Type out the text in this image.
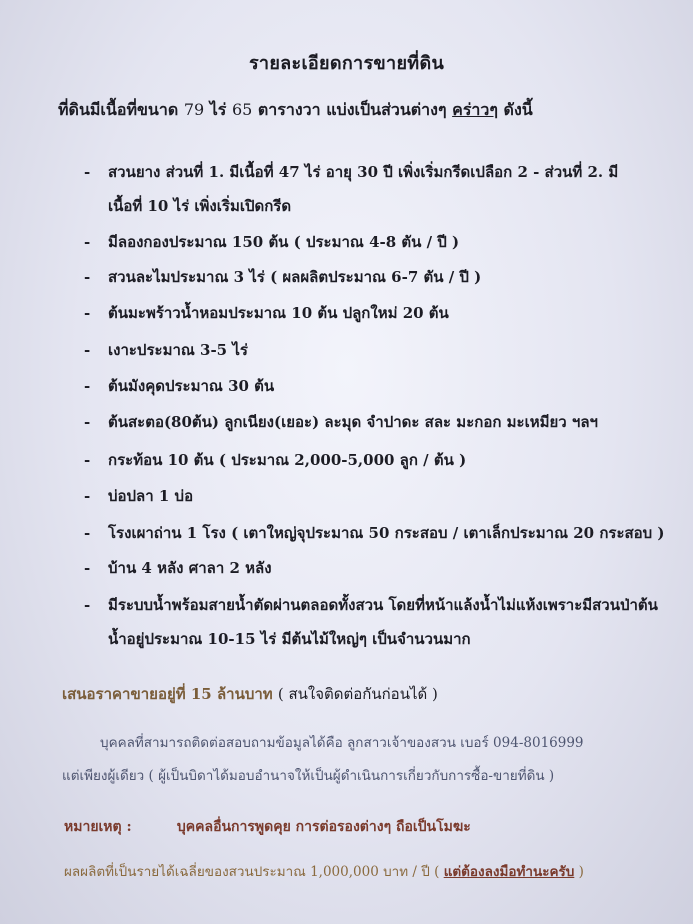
รายละเอียดการขายที่ดิน
ที่ดินมีเนื้อที่ขนาด 79 ไร่ 65 ตารางวา แบ่งเป็นส่วนต่างๆ คร่าวๆ ดังนี้
- สวนยาง ส่วนที่ 1. มีเนื้อที่ 47 ไร่ อายุ 30 ปี เพิ่งเริ่มกรีดเปลือก 2 - ส่วนที่ 2. มี
เนื้อที่ 10 ไร่ เพิ่งเริ่มเปิดกรีด
- มีลองกองประมาณ 150 ต้น ( ประมาณ 4-8 ตัน / ปี )
- สวนละไมประมาณ 3 ไร่ ( ผลผลิตประมาณ 6-7 ตัน / ปี )
- ต้นมะพร้าวน้ำหอมประมาณ 10 ต้น ปลูกใหม่ 20 ต้น
- เงาะประมาณ 3-5 ไร่
- ต้นมังคุดประมาณ 30 ต้น
- ต้นสะตอ(80ต้น) ลูกเนียง(เยอะ) ละมุด จำปาดะ สละ มะกอก มะเหมียว ฯลฯ
- กระท้อน 10 ต้น ( ประมาณ 2,000-5,000 ลูก / ต้น )
- บ่อปลา 1 บ่อ
- โรงเผาถ่าน 1 โรง ( เตาใหญ่จุประมาณ 50 กระสอบ / เตาเล็กประมาณ 20 กระสอบ )
- บ้าน 4 หลัง ศาลา 2 หลัง
- มีระบบน้ำพร้อมสายน้ำตัดผ่านตลอดทั้งสวน โดยที่หน้าแล้งน้ำไม่แห้งเพราะมีสวนป่าต้น
น้ำอยู่ประมาณ 10-15 ไร่ มีต้นไม้ใหญ่ๆ เป็นจำนวนมาก
เสนอราคาขายอยู่ที่ 15 ล้านบาท ( สนใจติดต่อกันก่อนได้ )
บุคคลที่สามารถติดต่อสอบถามข้อมูลได้คือ ลูกสาวเจ้าของสวน เบอร์ 094-8016999
แต่เพียงผู้เดียว ( ผู้เป็นบิดาได้มอบอำนาจให้เป็นผู้ดำเนินการเกี่ยวกับการซื้อ-ขายที่ดิน )
หมายเหตุ :	บุคคลอื่นการพูดคุย การต่อรองต่างๆ ถือเป็นโมฆะ
ผลผลิตที่เป็นรายได้เฉลี่ยของสวนประมาณ 1,000,000 บาท / ปี ( แต่ต้องลงมือทำนะครับ )
